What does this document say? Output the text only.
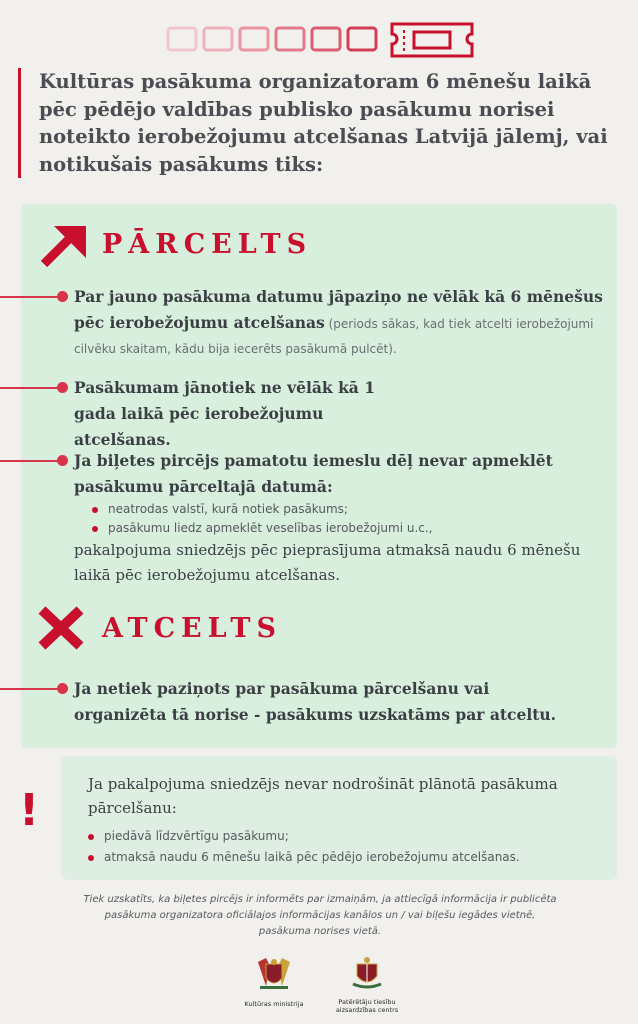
Kultūras pasākuma organizatoram 6 mēnešu laikā pēc pēdējo valdības publisko pasākumu norisei noteikto ierobežojumu atcelšanas Latvijā jālemj, vai notikušais pasākums tiks:
PĀRCELTS
Par jauno pasākuma datumu jāpaziņo ne vēlāk kā 6 mēnešus pēc ierobežojumu atcelšanas (periods sākas, kad tiek atcelti ierobežojumi cilvēku skaitam, kādu bija iecerēts pasākumā pulcēt).
Pasākumam jānotiek ne vēlāk kā 1 gada laikā pēc ierobežojumu atcelšanas.
Ja biļetes pircējs pamatotu iemeslu dēļ nevar apmeklēt pasākumu pārceltajā datumā:
neatrodas valstī, kurā notiek pasākums;
pasākumu liedz apmeklēt veselības ierobežojumi u.c.,
pakalpojuma sniedzējs pēc pieprasījuma atmaksā naudu 6 mēnešu laikā pēc ierobežojumu atcelšanas.
ATCELTS
Ja netiek paziņots par pasākuma pārcelšanu vai organizēta tā norise - pasākums uzskatāms par atceltu.
!
Ja pakalpojuma sniedzējs nevar nodrošināt plānotā pasākuma pārcelšanu:
piedāvā līdzvērtīgu pasākumu;
atmaksā naudu 6 mēnešu laikā pēc pēdējo ierobežojumu atcelšanas.
Tiek uzskatīts, ka biļetes pircējs ir informēts par izmaiņām, ja attiecīgā informācija ir publicēta pasākuma organizatora oficiālajos informācijas kanālos un / vai biļešu iegādes vietnē, pasākuma norises vietā.
Kultūras ministrija	Patērētāju tiesību
aizsardzības centrs
